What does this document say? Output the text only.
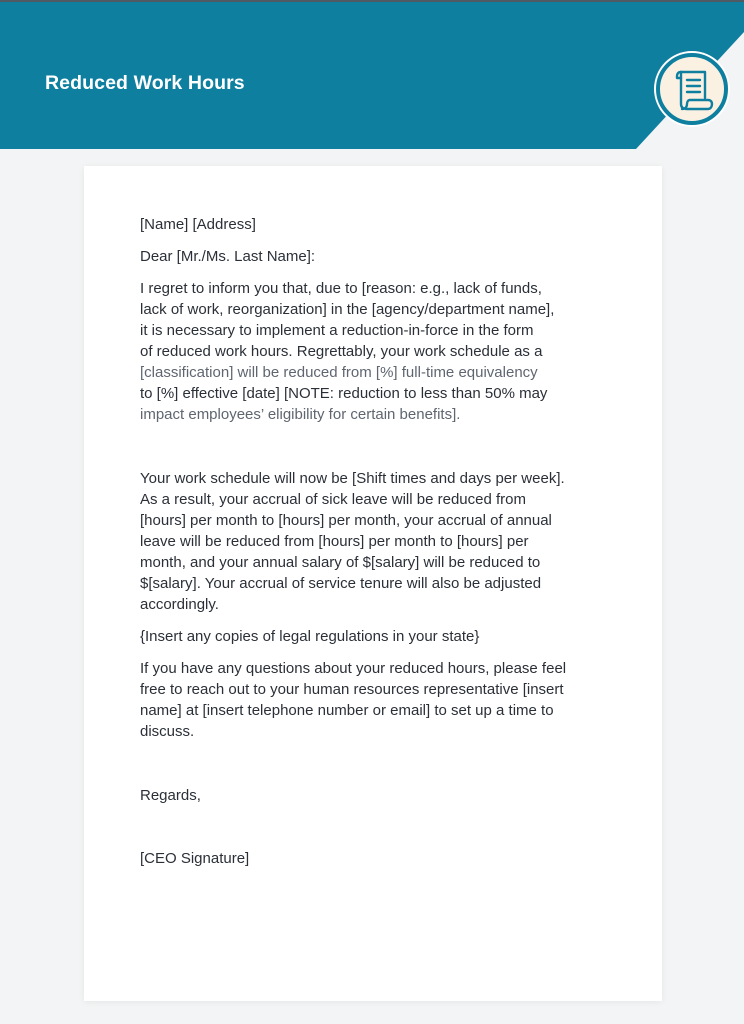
Reduced Work Hours

[Name] [Address]

Dear [Mr./Ms. Last Name]:

I regret to inform you that, due to [reason: e.g., lack of funds,
lack of work, reorganization] in the [agency/department name],
it is necessary to implement a reduction-in-force in the form
of reduced work hours. Regrettably, your work schedule as a
[classification] will be reduced from [%] full-time equivalency
to [%] effective [date] [NOTE: reduction to less than 50% may
impact employees’ eligibility for certain benefits].

Your work schedule will now be [Shift times and days per week].
As a result, your accrual of sick leave will be reduced from
[hours] per month to [hours] per month, your accrual of annual
leave will be reduced from [hours] per month to [hours] per
month, and your annual salary of $[salary] will be reduced to
$[salary]. Your accrual of service tenure will also be adjusted
accordingly.

{Insert any copies of legal regulations in your state}

If you have any questions about your reduced hours, please feel
free to reach out to your human resources representative [insert
name] at [insert telephone number or email] to set up a time to
discuss.

Regards,

[CEO Signature]
